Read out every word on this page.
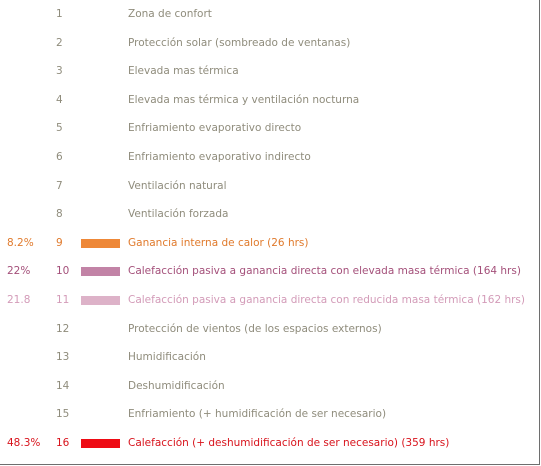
1	Zona de confort
2	Protección solar (sombreado de ventanas)
3	Elevada mas térmica
4	Elevada mas térmica y ventilación nocturna
5	Enfriamiento evaporativo directo
6	Enfriamiento evaporativo indirecto
7	Ventilación natural
8	Ventilación forzada
8.2%	9	Ganancia interna de calor (26 hrs)
22%	10	Calefacción pasiva a ganancia directa con elevada masa térmica (164 hrs)
21.8	11	Calefacción pasiva a ganancia directa con reducida masa térmica (162 hrs)
12	Protección de vientos (de los espacios externos)
13	Humidificación
14	Deshumidificación
15	Enfriamiento (+ humidificación de ser necesario)
48.3%	16	Calefacción (+ deshumidificación de ser necesario) (359 hrs)
